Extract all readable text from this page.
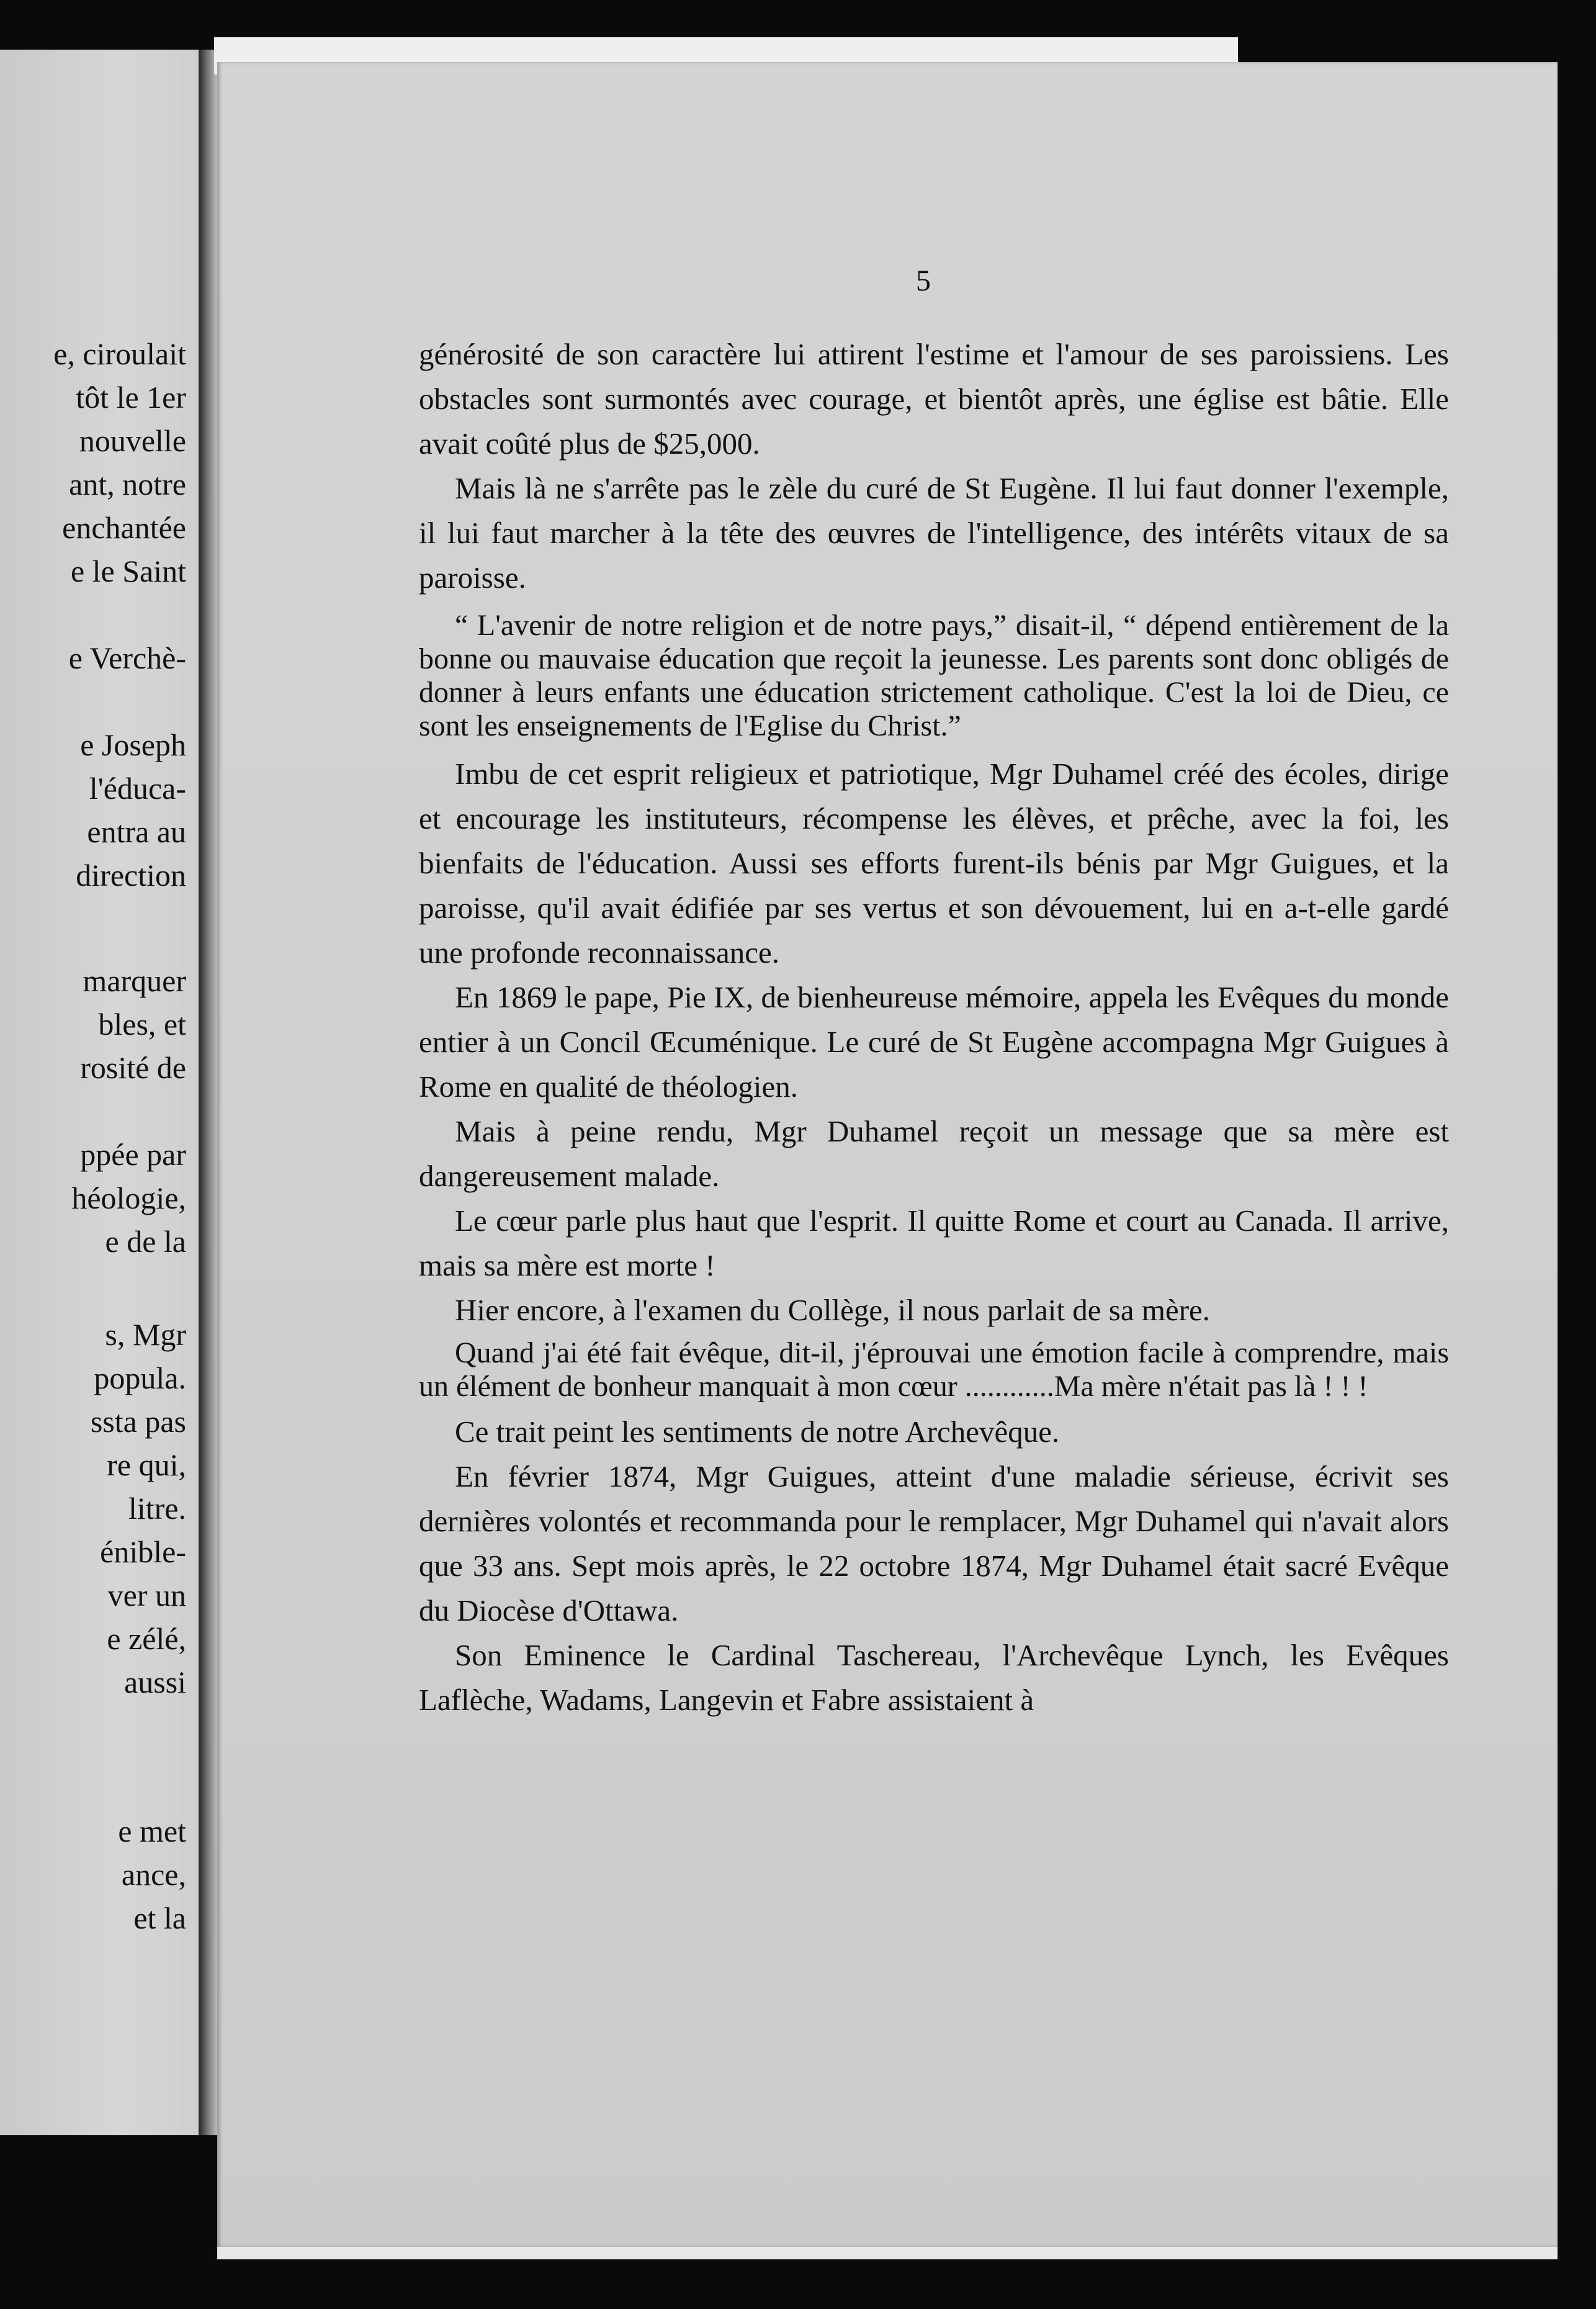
e, ciroulait
tôt le 1er
nouvelle
ant, notre
enchantée
e le Saint
e Verchè-
e Joseph
l'éduca-
entra au
direction
marquer
bles, et
rosité de
ppée par
héologie,
e de la
s, Mgr
popula.
ssta pas
re qui,
litre.
énible-
ver un
e zélé,
aussi
e met
ance,
et la
5

générosité de son caractère lui attirent l'estime et l'amour de ses paroissiens. Les obstacles sont surmontés avec courage, et bientôt après, une église est bâtie. Elle avait coûté plus de $25,000.

Mais là ne s'arrête pas le zèle du curé de St Eugène. Il lui faut donner l'exemple, il lui faut marcher à la tête des œuvres de l'intelligence, des intérêts vitaux de sa paroisse.

“ L'avenir de notre religion et de notre pays,” disait-il, “ dépend entièrement de la bonne ou mauvaise éducation que reçoit la jeunesse. Les parents sont donc obligés de donner à leurs enfants une éducation strictement catholique. C'est la loi de Dieu, ce sont les enseignements de l'Eglise du Christ.”

Imbu de cet esprit religieux et patriotique, Mgr Duhamel créé des écoles, dirige et encourage les instituteurs, récompense les élèves, et prêche, avec la foi, les bienfaits de l'éducation. Aussi ses efforts furent-ils bénis par Mgr Guigues, et la paroisse, qu'il avait édifiée par ses vertus et son dévouement, lui en a-t-elle gardé une profonde reconnaissance.

En 1869 le pape, Pie IX, de bienheureuse mémoire, appela les Evêques du monde entier à un Concil Œcuménique. Le curé de St Eugène accompagna Mgr Guigues à Rome en qualité de théologien.

Mais à peine rendu, Mgr Duhamel reçoit un message que sa mère est dangereusement malade.

Le cœur parle plus haut que l'esprit. Il quitte Rome et court au Canada. Il arrive, mais sa mère est morte !

Hier encore, à l'examen du Collège, il nous parlait de sa mère.

Quand j'ai été fait évêque, dit-il, j'éprouvai une émotion facile à comprendre, mais un élément de bonheur manquait à mon cœur ............Ma mère n'était pas là ! ! !

Ce trait peint les sentiments de notre Archevêque.

En février 1874, Mgr Guigues, atteint d'une maladie sérieuse, écrivit ses dernières volontés et recommanda pour le remplacer, Mgr Duhamel qui n'avait alors que 33 ans. Sept mois après, le 22 octobre 1874, Mgr Duhamel était sacré Evêque du Diocèse d'Ottawa.

Son Eminence le Cardinal Taschereau, l'Archevêque Lynch, les Evêques Laflèche, Wadams, Langevin et Fabre assistaient à
